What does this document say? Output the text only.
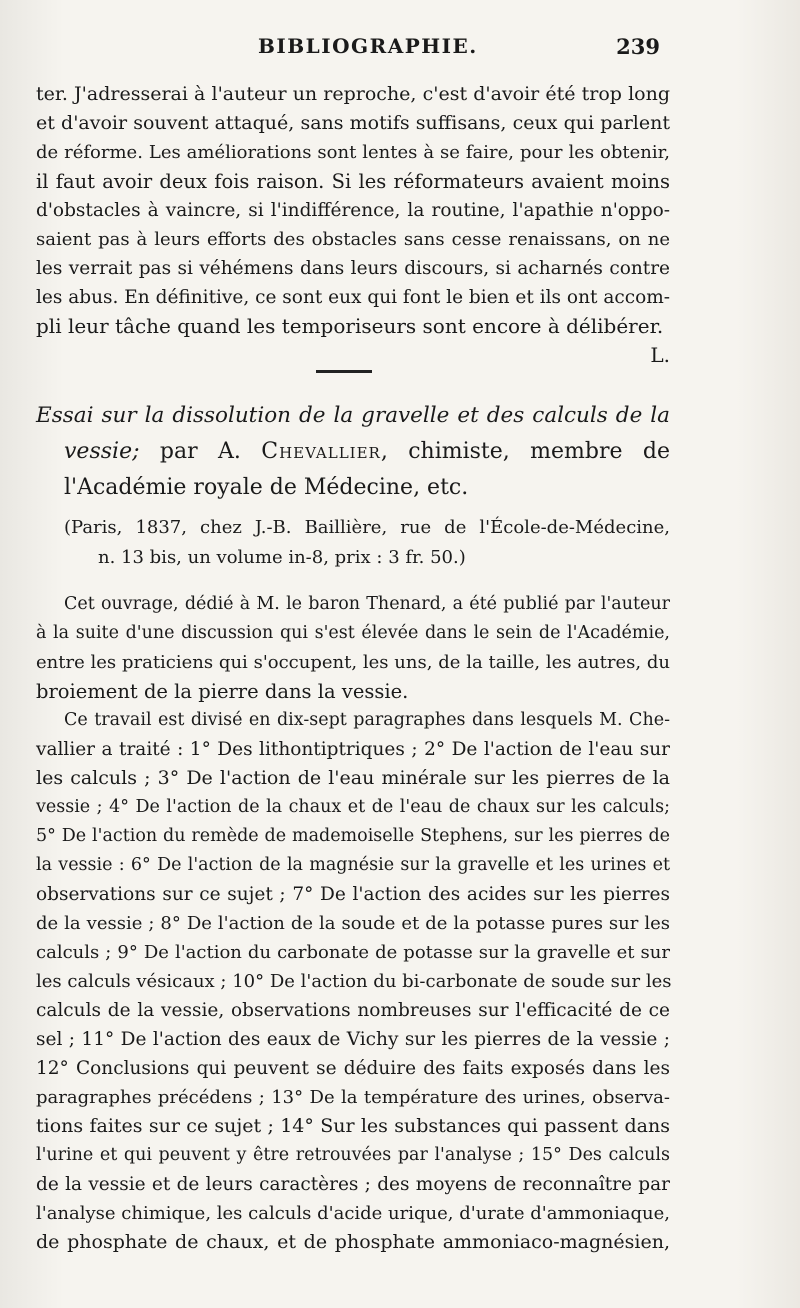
BIBLIOGRAPHIE.	239
ter. J'adresserai à l'auteur un reproche, c'est d'avoir été trop long
et d'avoir souvent attaqué, sans motifs suffisans, ceux qui parlent
de réforme. Les améliorations sont lentes à se faire, pour les obtenir,
il faut avoir deux fois raison. Si les réformateurs avaient moins
d'obstacles à vaincre, si l'indifférence, la routine, l'apathie n'oppo-
saient pas à leurs efforts des obstacles sans cesse renaissans, on ne
les verrait pas si véhémens dans leurs discours, si acharnés contre
les abus. En définitive, ce sont eux qui font le bien et ils ont accom-
pli leur tâche quand les temporiseurs sont encore à délibérer.
L.
Essai sur la dissolution de la gravelle et des calculs de la
vessie; par A. Chevallier, chimiste, membre de
l'Académie royale de Médecine, etc.
(Paris, 1837, chez J.-B. Baillière, rue de l'École-de-Médecine,
n. 13 bis, un volume in-8, prix : 3 fr. 50.)
Cet ouvrage, dédié à M. le baron Thenard, a été publié par l'auteur
à la suite d'une discussion qui s'est élevée dans le sein de l'Académie,
entre les praticiens qui s'occupent, les uns, de la taille, les autres, du
broiement de la pierre dans la vessie.
Ce travail est divisé en dix-sept paragraphes dans lesquels M. Che-
vallier a traité : 1° Des lithontiptriques ; 2° De l'action de l'eau sur
les calculs ; 3° De l'action de l'eau minérale sur les pierres de la
vessie ; 4° De l'action de la chaux et de l'eau de chaux sur les calculs;
5° De l'action du remède de mademoiselle Stephens, sur les pierres de
la vessie : 6° De l'action de la magnésie sur la gravelle et les urines et
observations sur ce sujet ; 7° De l'action des acides sur les pierres
de la vessie ; 8° De l'action de la soude et de la potasse pures sur les
calculs ; 9° De l'action du carbonate de potasse sur la gravelle et sur
les calculs vésicaux ; 10° De l'action du bi-carbonate de soude sur les
calculs de la vessie, observations nombreuses sur l'efficacité de ce
sel ; 11° De l'action des eaux de Vichy sur les pierres de la vessie ;
12° Conclusions qui peuvent se déduire des faits exposés dans les
paragraphes précédens ; 13° De la température des urines, observa-
tions faites sur ce sujet ; 14° Sur les substances qui passent dans
l'urine et qui peuvent y être retrouvées par l'analyse ; 15° Des calculs
de la vessie et de leurs caractères ; des moyens de reconnaître par
l'analyse chimique, les calculs d'acide urique, d'urate d'ammoniaque,
de phosphate de chaux, et de phosphate ammoniaco-magnésien,
